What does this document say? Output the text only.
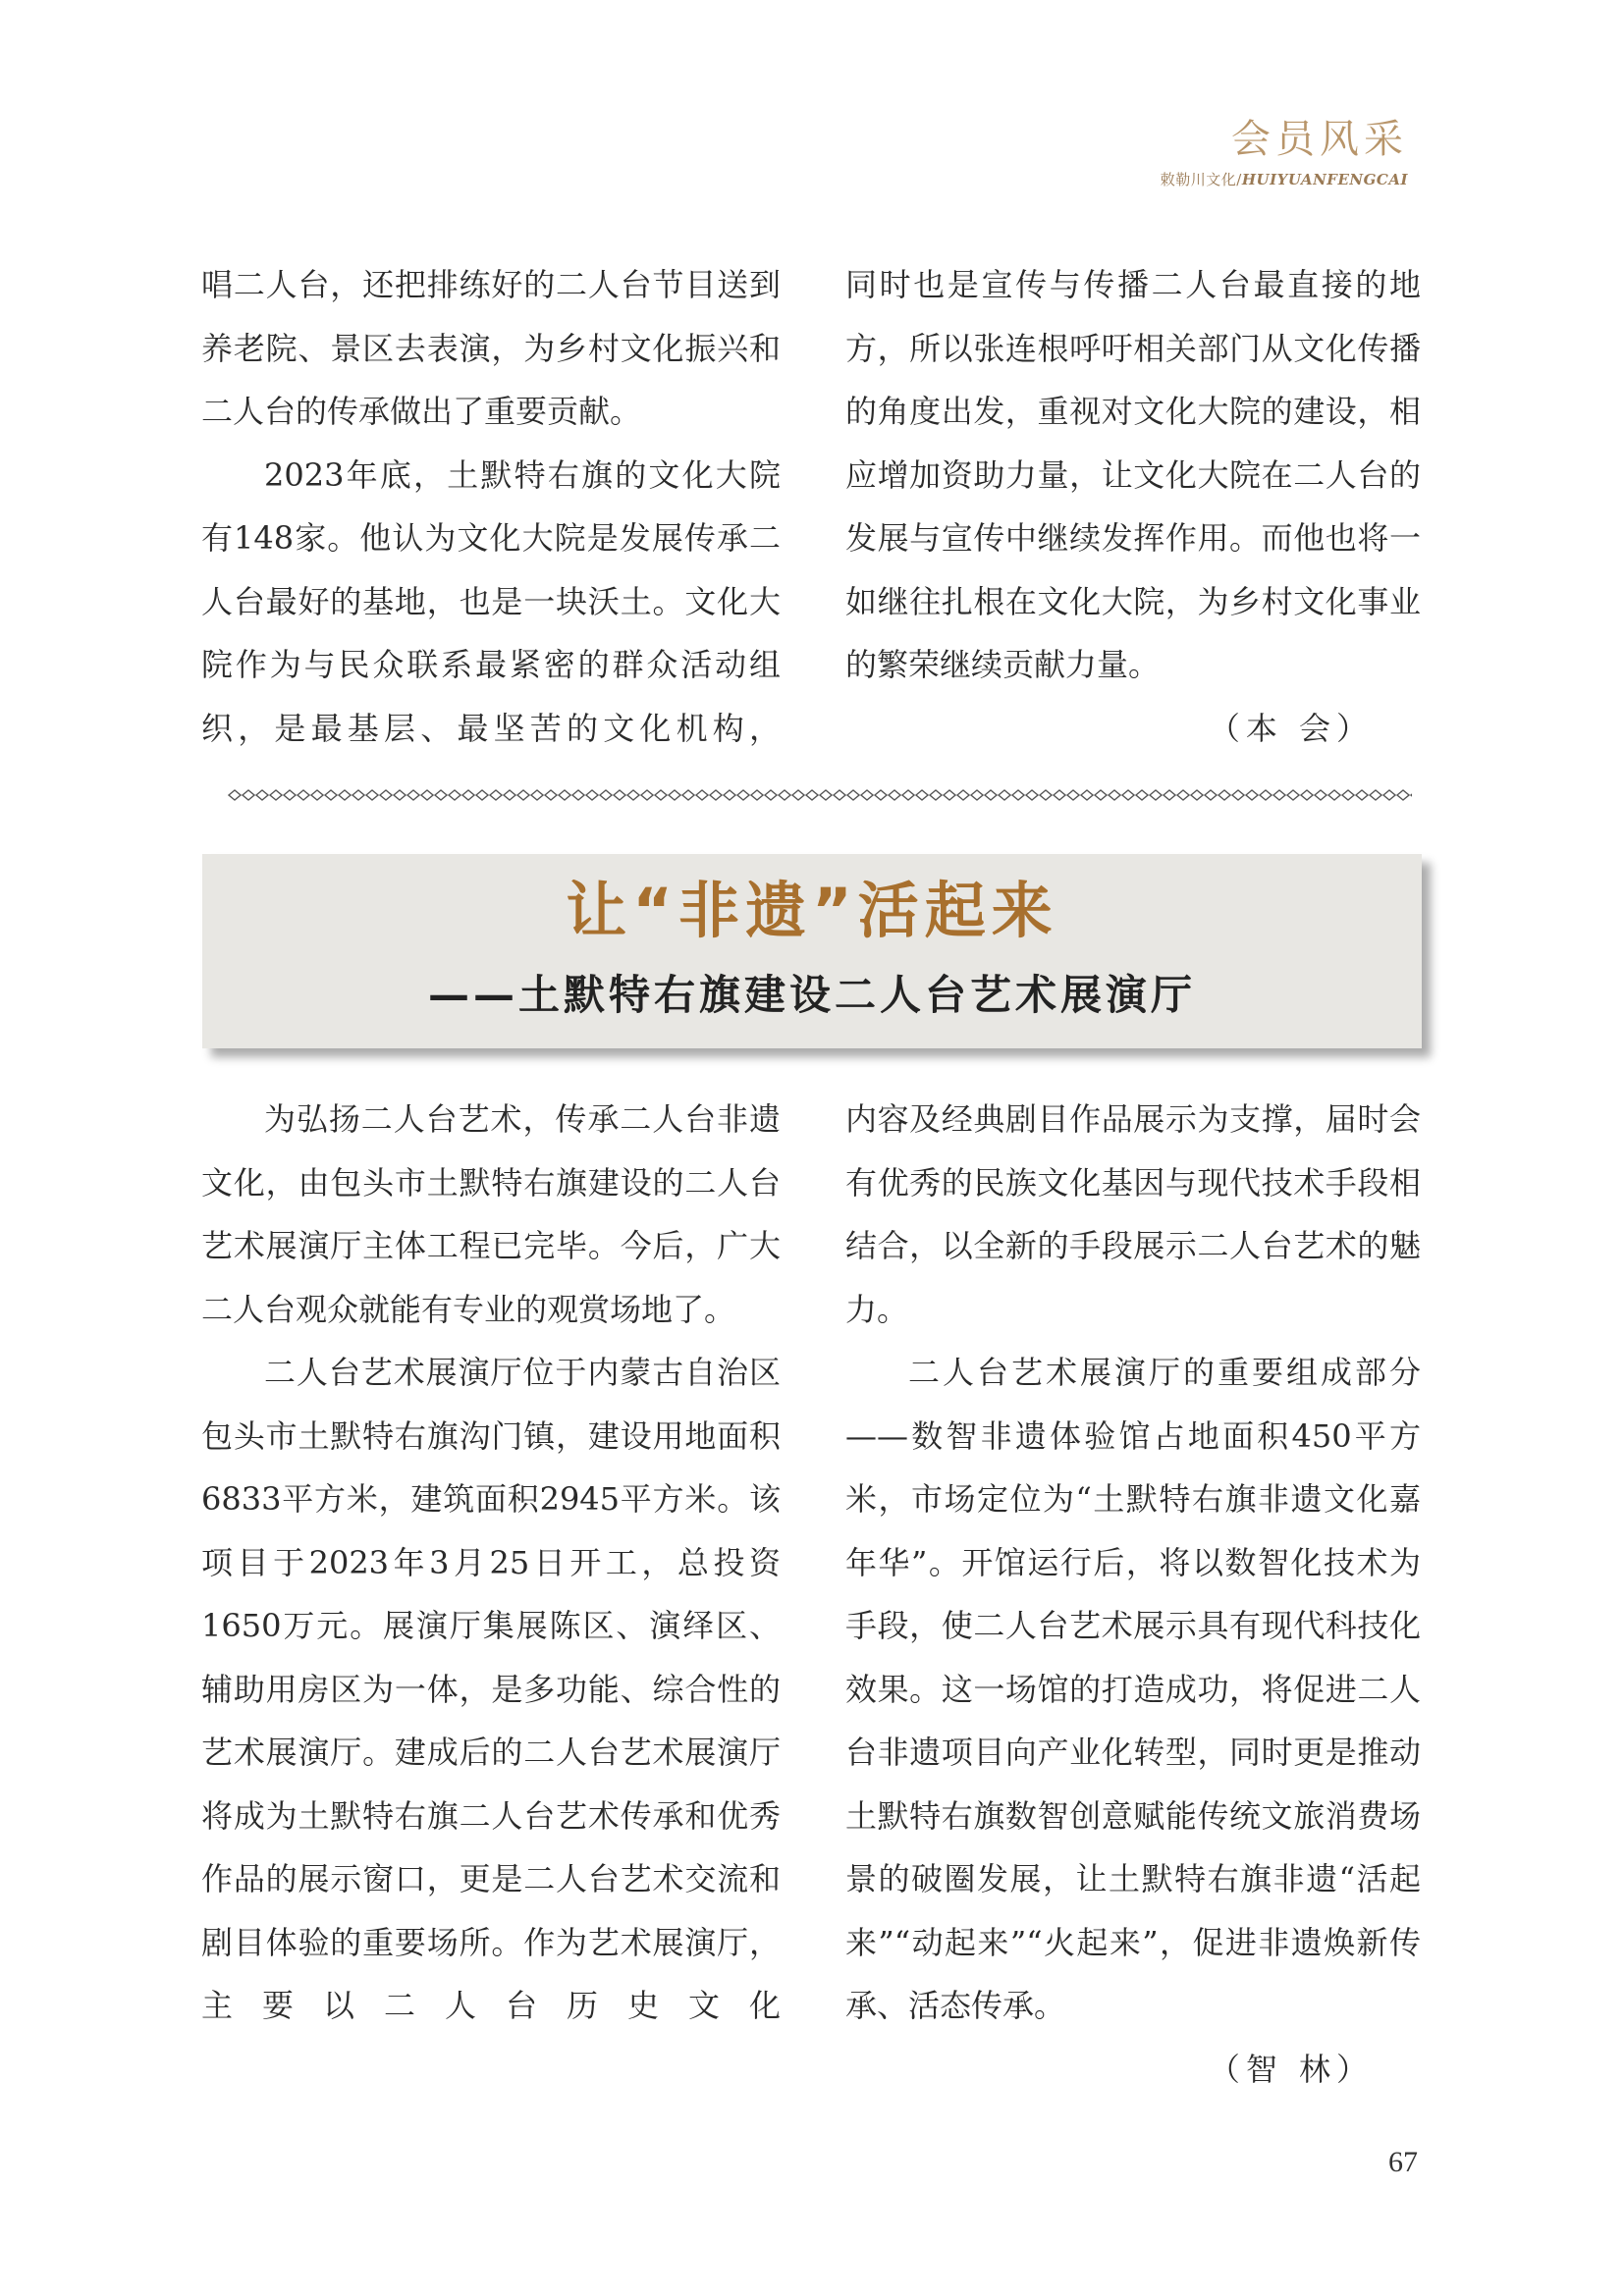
会员风采
敕勒川文化/HUIYUANFENGCAI

唱二人台，还把排练好的二人台节目送到养老院、景区去表演，为乡村文化振兴和二人台的传承做出了重要贡献。

2023年底，土默特右旗的文化大院有148家。他认为文化大院是发展传承二人台最好的基地，也是一块沃土。文化大院作为与民众联系最紧密的群众活动组织，是最基层、最坚苦的文化机构，

同时也是宣传与传播二人台最直接的地方，所以张连根呼吁相关部门从文化传播的角度出发，重视对文化大院的建设，相应增加资助力量，让文化大院在二人台的发展与宣传中继续发挥作用。而他也将一如继往扎根在文化大院，为乡村文化事业的繁荣继续贡献力量。

（本 会）

让“非遗”活起来
——土默特右旗建设二人台艺术展演厅

为弘扬二人台艺术，传承二人台非遗文化，由包头市土默特右旗建设的二人台艺术展演厅主体工程已完毕。今后，广大二人台观众就能有专业的观赏场地了。

二人台艺术展演厅位于内蒙古自治区包头市土默特右旗沟门镇，建设用地面积6833平方米，建筑面积2945平方米。该项目于2023年3月25日开工，总投资1650万元。展演厅集展陈区、演绎区、辅助用房区为一体，是多功能、综合性的艺术展演厅。建成后的二人台艺术展演厅将成为土默特右旗二人台艺术传承和优秀作品的展示窗口，更是二人台艺术交流和剧目体验的重要场所。作为艺术展演厅，主要以二人台历史文化

内容及经典剧目作品展示为支撑，届时会有优秀的民族文化基因与现代技术手段相结合，以全新的手段展示二人台艺术的魅力。

二人台艺术展演厅的重要组成部分——数智非遗体验馆占地面积450平方米，市场定位为“土默特右旗非遗文化嘉年华”。开馆运行后，将以数智化技术为手段，使二人台艺术展示具有现代科技化效果。这一场馆的打造成功，将促进二人台非遗项目向产业化转型，同时更是推动土默特右旗数智创意赋能传统文旅消费场景的破圈发展，让土默特右旗非遗“活起来”“动起来”“火起来”，促进非遗焕新传承、活态传承。

（智 林）

67
